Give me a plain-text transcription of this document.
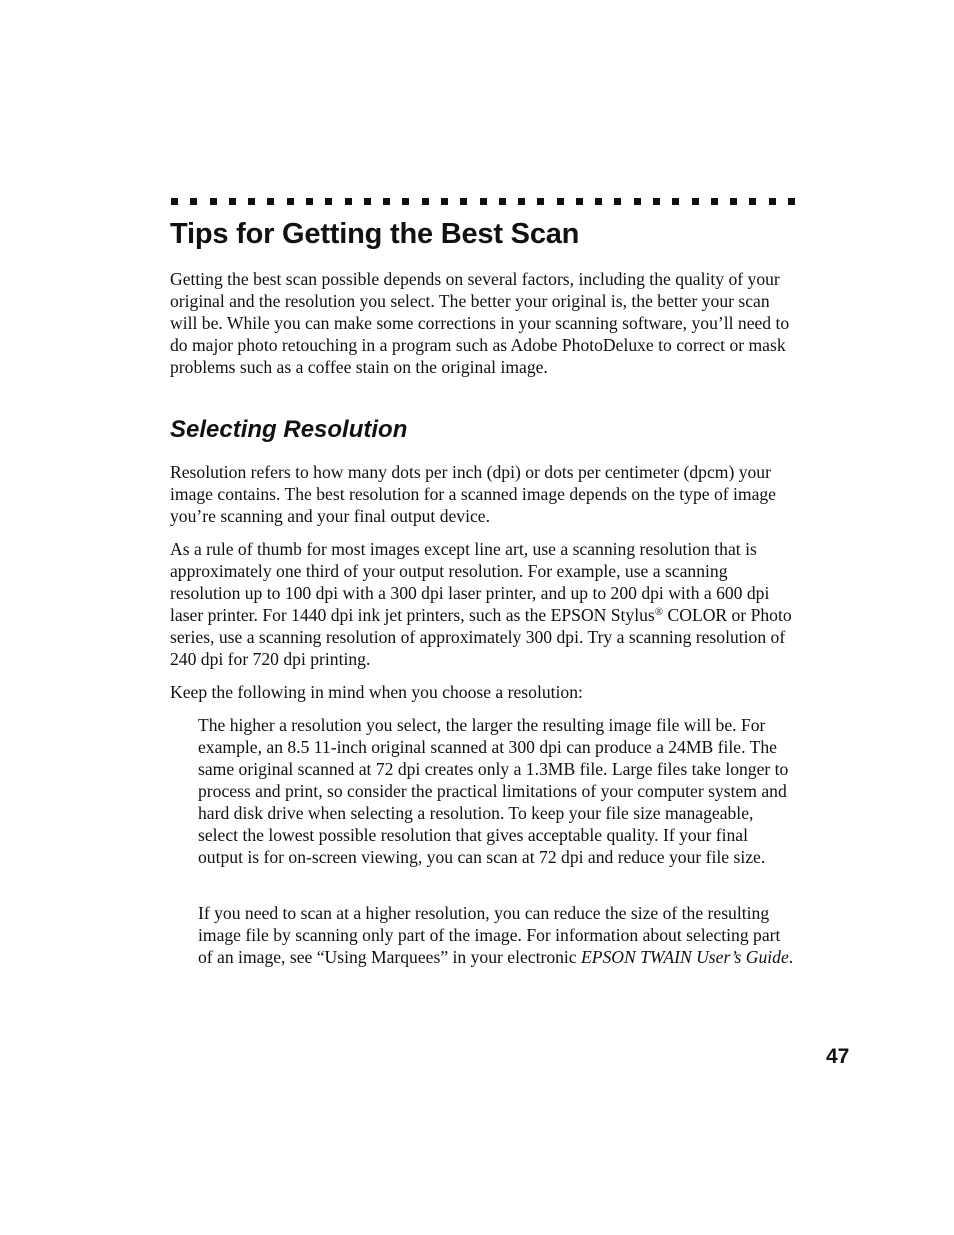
Tips for Getting the Best Scan

Getting the best scan possible depends on several factors, including the quality of your original and the resolution you select. The better your original is, the better your scan will be. While you can make some corrections in your scanning software, you’ll need to do major photo retouching in a program such as Adobe PhotoDeluxe to correct or mask problems such as a coffee stain on the original image.

Selecting Resolution

Resolution refers to how many dots per inch (dpi) or dots per centimeter (dpcm) your image contains. The best resolution for a scanned image depends on the type of image you’re scanning and your final output device.

As a rule of thumb for most images except line art, use a scanning resolution that is approximately one third of your output resolution. For example, use a scanning resolution up to 100 dpi with a 300 dpi laser printer, and up to 200 dpi with a 600 dpi laser printer. For 1440 dpi ink jet printers, such as the EPSON Stylus® COLOR or Photo series, use a scanning resolution of approximately 300 dpi. Try a scanning resolution of 240 dpi for 720 dpi printing.

Keep the following in mind when you choose a resolution:

The higher a resolution you select, the larger the resulting image file will be. For example, an 8.5 11-inch original scanned at 300 dpi can produce a 24MB file. The same original scanned at 72 dpi creates only a 1.3MB file. Large files take longer to process and print, so consider the practical limitations of your computer system and hard disk drive when selecting a resolution. To keep your file size manageable, select the lowest possible resolution that gives acceptable quality. If your final output is for on-screen viewing, you can scan at 72 dpi and reduce your file size.

If you need to scan at a higher resolution, you can reduce the size of the resulting image file by scanning only part of the image. For information about selecting part of an image, see “Using Marquees” in your electronic EPSON TWAIN User’s Guide.

47
